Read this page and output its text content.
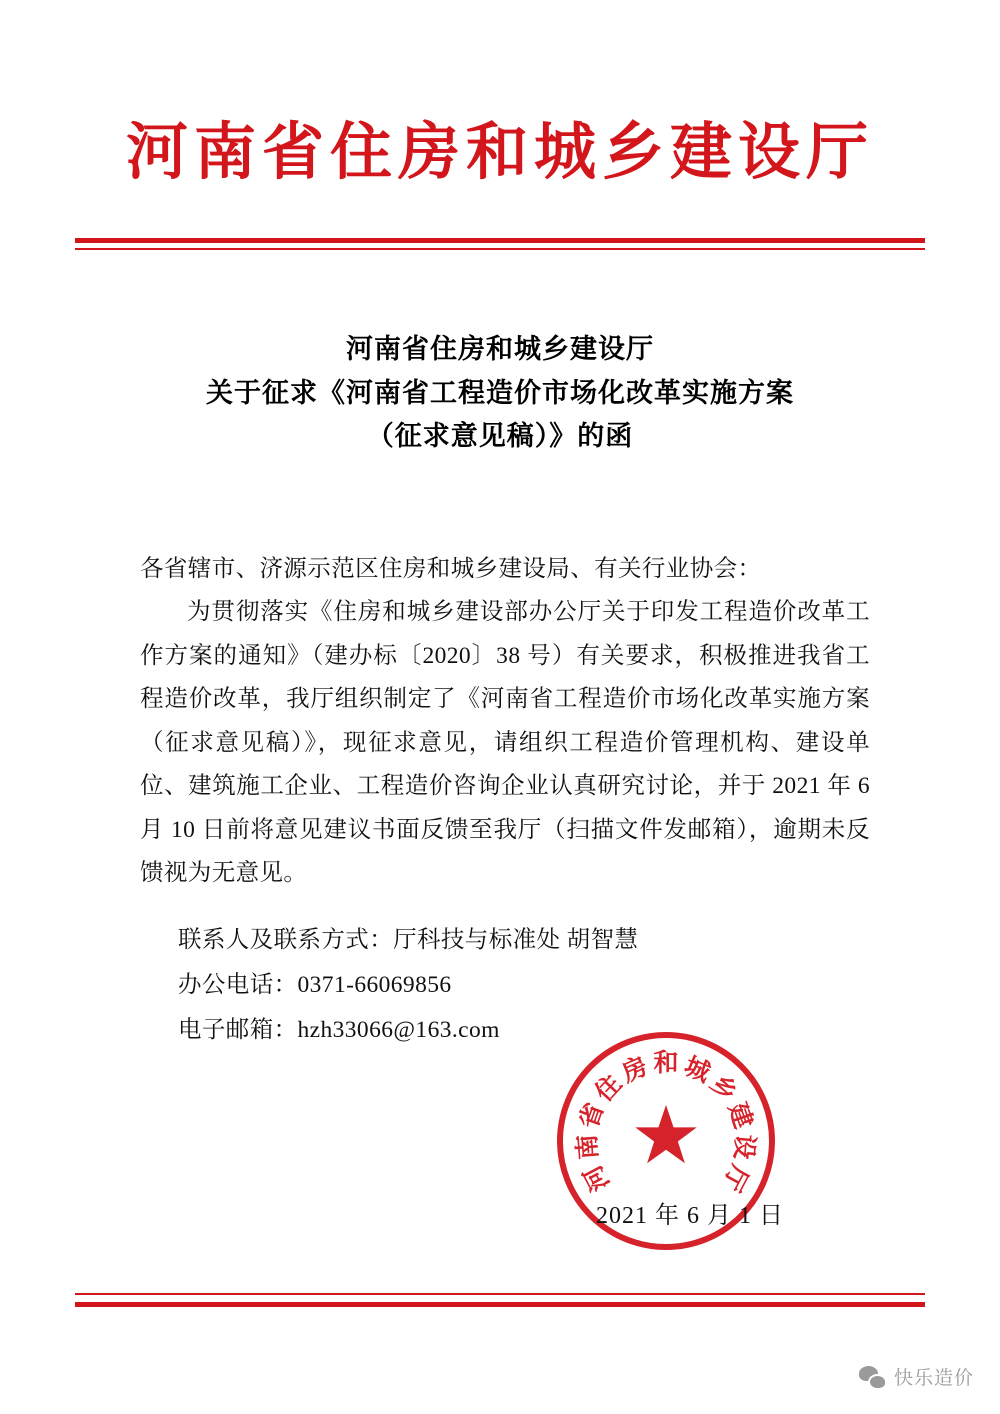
河南省住房和城乡建设厅
河南省住房和城乡建设厅
关于征求《河南省工程造价市场化改革实施方案
（征求意见稿）》的函

各省辖市、济源示范区住房和城乡建设局、有关行业协会：

为贯彻落实《住房和城乡建设部办公厅关于印发工程造价改革工作方案的通知》（建办标〔2020〕38 号）有关要求，积极推进我省工程造价改革，我厅组织制定了《河南省工程造价市场化改革实施方案（征求意见稿）》，现征求意见，请组织工程造价管理机构、建设单位、建筑施工企业、工程造价咨询企业认真研究讨论，并于 2021 年 6 月 10 日前将意见建议书面反馈至我厅（扫描文件发邮箱），逾期未反馈视为无意见。

联系人及联系方式：厅科技与标准处 胡智慧

办公电话：0371-66069856

电子邮箱：hzh33066@163.com

河
南
省
住
房 和 城
乡
建
设
厅
2021 年 6 月 1 日
快乐造价
